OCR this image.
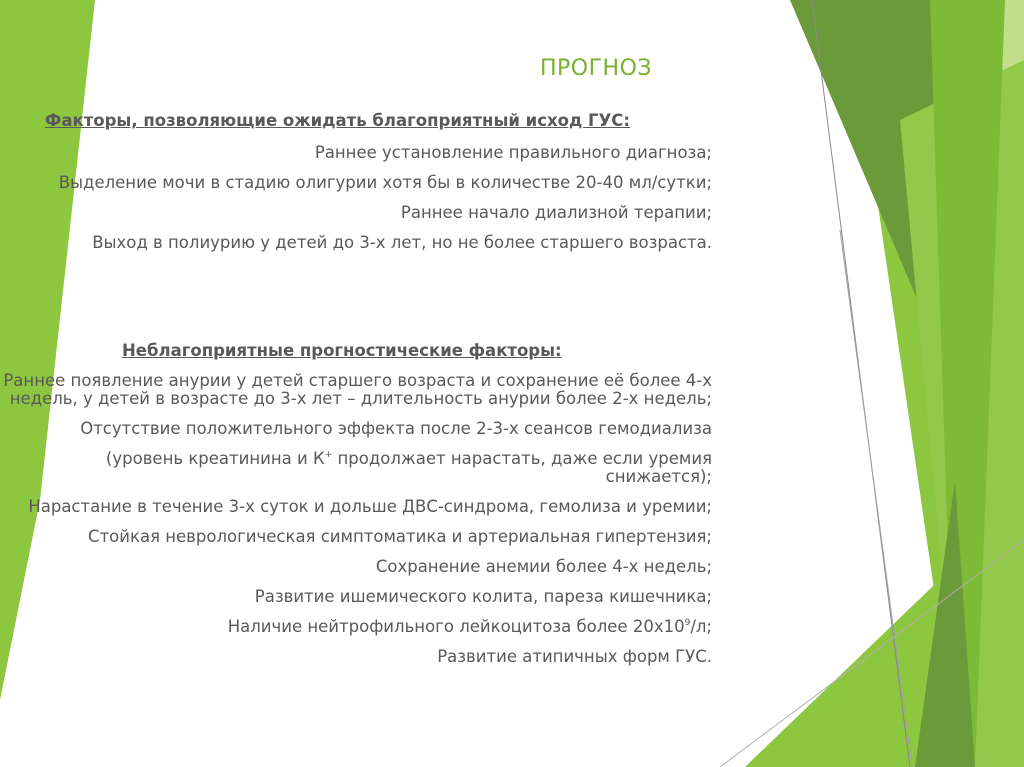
ПРОГНОЗ
Факторы, позволяющие ожидать благоприятный исход ГУС:

Раннее установление правильного диагноза;

Выделение мочи в стадию олигурии хотя бы в количестве 20-40 мл/сутки;

Раннее начало диализной терапии;

Выход в полиурию у детей до 3-х лет, но не более старшего возраста.

Неблагоприятные прогностические факторы:

Раннее появление анурии у детей старшего возраста и сохранение её более 4-х недель, у детей в возрасте до 3-х лет – длительность анурии более 2-х недель;

Отсутствие положительного эффекта после 2-3-х сеансов гемодиализа

(уровень креатинина и К+ продолжает нарастать, даже если уремия снижается);

Нарастание в течение 3-х суток и дольше ДВС-синдрома, гемолиза и уремии;

Стойкая неврологическая симптоматика и артериальная гипертензия;

Сохранение анемии более 4-х недель;

Развитие ишемического колита, пареза кишечника;

Наличие нейтрофильного лейкоцитоза более $20х10^9/л$;

Развитие атипичных форм ГУС.
